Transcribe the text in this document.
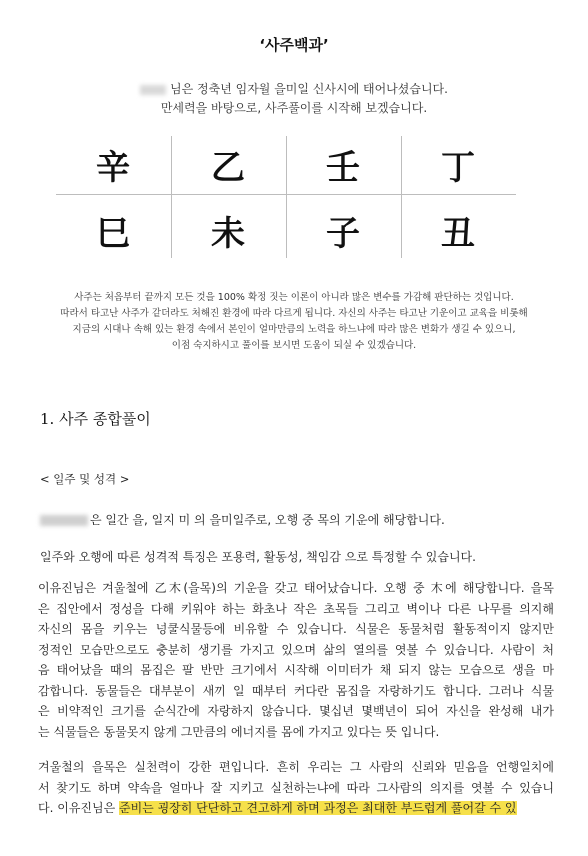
‘사주백과’
님은 정축년 임자월 을미일 신사시에 태어나셨습니다.
만세력을 바탕으로, 사주풀이를 시작해 보겠습니다.
辛	乙	壬	丁
巳	未	子	丑
사주는 처음부터 끝까지 모든 것을 100% 확정 짓는 이론이 아니라 많은 변수를 가감해 판단하는 것입니다.
따라서 타고난 사주가 같더라도 처해진 환경에 따라 다르게 됩니다. 자신의 사주는 타고난 기운이고 교육을 비롯해
지금의 시대나 속해 있는 환경 속에서 본인이 얼마만큼의 노력을 하느냐에 따라 많은 변화가 생길 수 있으니,
이점 숙지하시고 풀이를 보시면 도움이 되실 수 있겠습니다.
1. 사주 종합풀이
< 일주 및 성격 >
은 일간 을, 일지 미 의 을미일주로, 오행 중 목의 기운에 해당합니다.
일주와 오행에 따른 성격적 특징은 포용력, 활동성, 책임감 으로 특정할 수 있습니다.
이유진님은 겨울철에 乙木(을목)의 기운을 갖고 태어났습니다. 오행 중 木에 해당합니다. 을목
은 집안에서 정성을 다해 키워야 하는 화초나 작은 초목들 그리고 벽이나 다른 나무를 의지해
자신의 몸을 키우는 넝쿨식물등에 비유할 수 있습니다. 식물은 동물처럼 활동적이지 않지만
정적인 모습만으로도 충분히 생기를 가지고 있으며 삶의 열의를 엿볼 수 있습니다. 사람이 처
음 태어났을 때의 몸집은 팔 반만 크기에서 시작해 이미터가 채 되지 않는 모습으로 생을 마
감합니다. 동물들은 대부분이 새끼 일 때부터 커다란 몸집을 자랑하기도 합니다. 그러나 식물
은 비약적인 크기를 순식간에 자랑하지 않습니다. 몇십년 몇백년이 되어 자신을 완성해 내가
는 식물들은 동물못지 않게 그만큼의 에너지를 몸에 가지고 있다는 뜻 입니다.
겨울철의 을목은 실천력이 강한 편입니다. 흔히 우리는 그 사람의 신뢰와 믿음을 언행일치에
서 찾기도 하며 약속을 얼마나 잘 지키고 실천하는냐에 따라 그사람의 의지를 엿볼 수 있습니
다. 이유진님은 준비는 굉장히 단단하고 견고하게 하며 과정은 최대한 부드럽게 풀어갈 수 있
